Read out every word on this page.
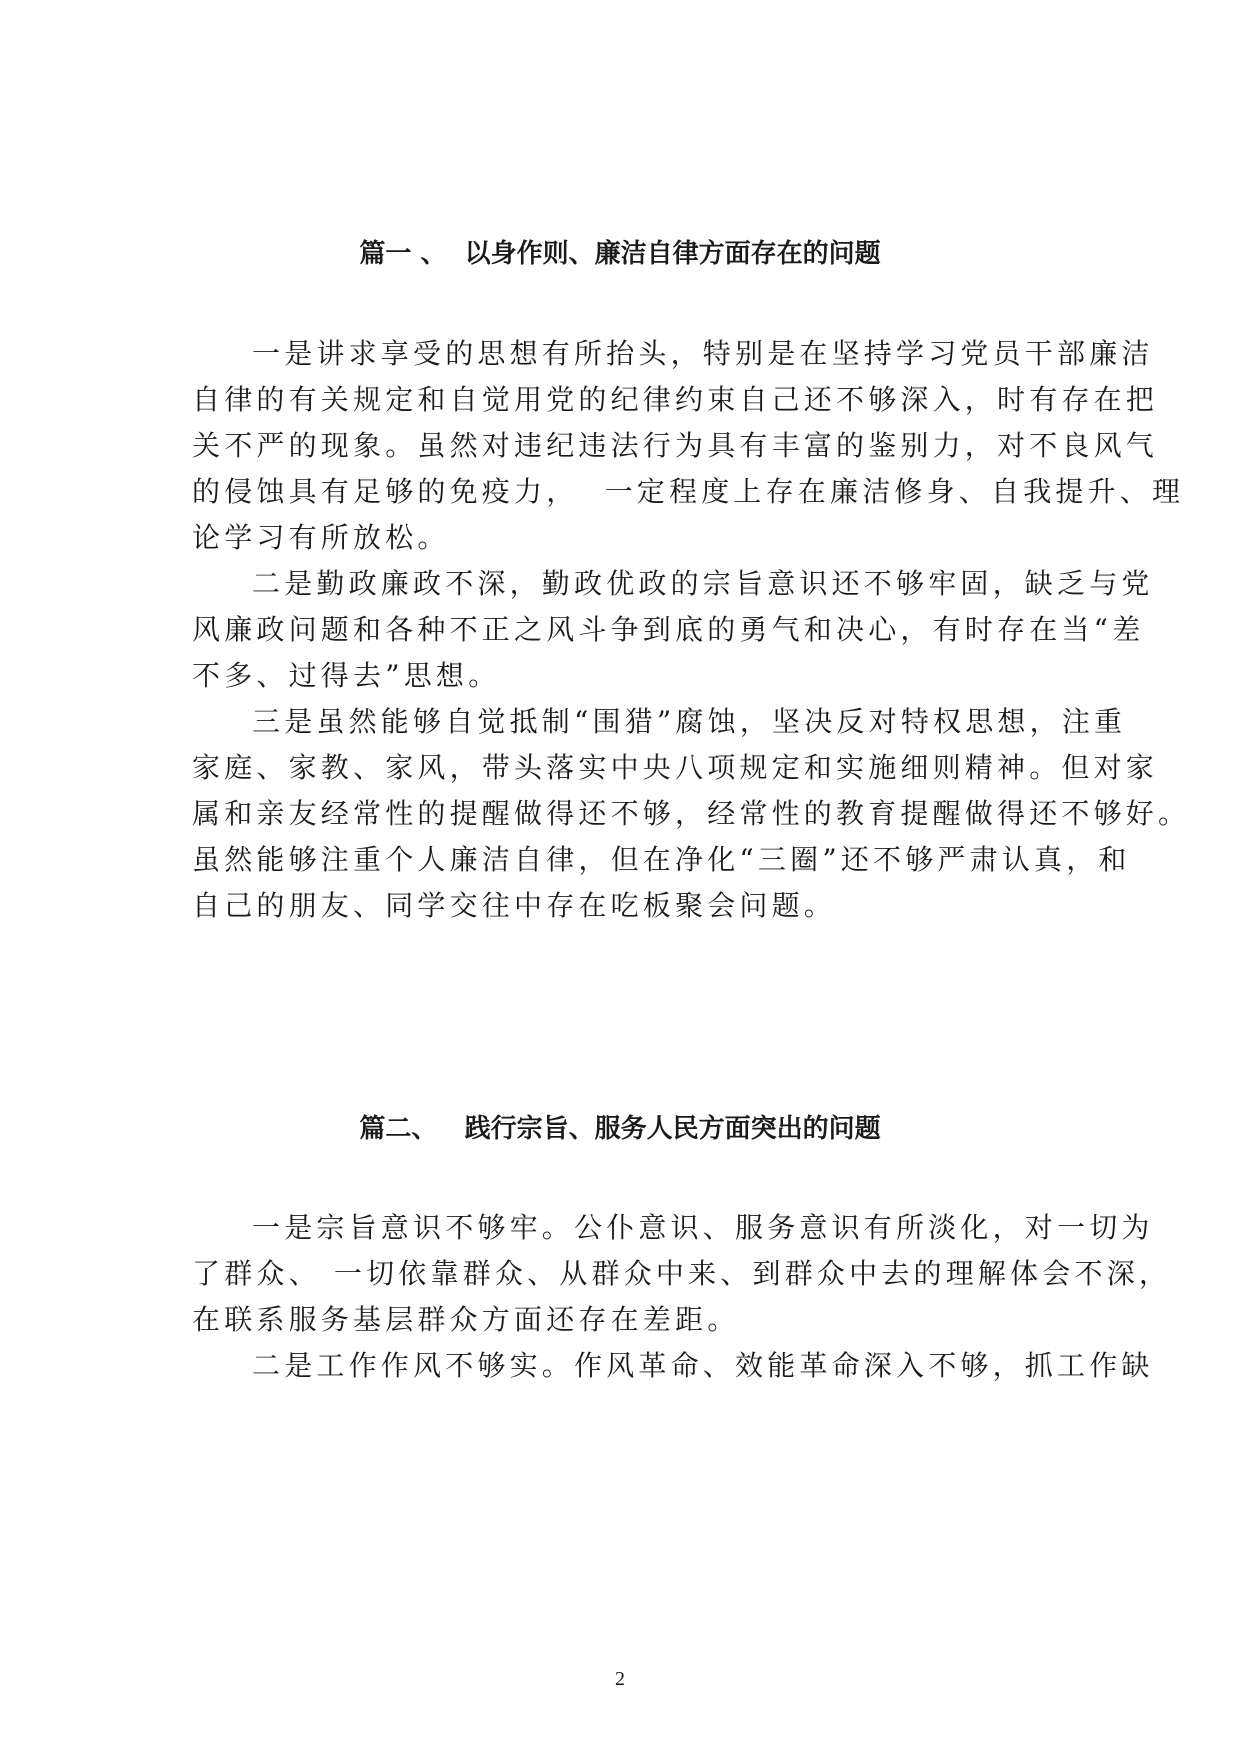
篇一 、  以身作则、廉洁自律方面存在的问题
一是讲求享受的思想有所抬头，特别是在坚持学习党员干部廉洁
自律的有关规定和自觉用党的纪律约束自己还不够深入，时有存在把
关不严的现象。虽然对违纪违法行为具有丰富的鉴别力，对不良风气
的侵蚀具有足够的免疫力，  一定程度上存在廉洁修身、自我提升、理
论学习有所放松。
二是勤政廉政不深，勤政优政的宗旨意识还不够牢固，缺乏与党
风廉政问题和各种不正之风斗争到底的勇气和决心，有时存在当“差
不多、过得去”思想。
三是虽然能够自觉抵制“围猎”腐蚀，坚决反对特权思想，注重
家庭、家教、家风，带头落实中央八项规定和实施细则精神。但对家
属和亲友经常性的提醒做得还不够，经常性的教育提醒做得还不够好。
虽然能够注重个人廉洁自律，但在净化“三圈”还不够严肃认真，和
自己的朋友、同学交往中存在吃板聚会问题。
篇二、   践行宗旨、服务人民方面突出的问题
一是宗旨意识不够牢。公仆意识、服务意识有所淡化，对一切为
了群众、 一切依靠群众、从群众中来、到群众中去的理解体会不深，
在联系服务基层群众方面还存在差距。
二是工作作风不够实。作风革命、效能革命深入不够，抓工作缺
2
